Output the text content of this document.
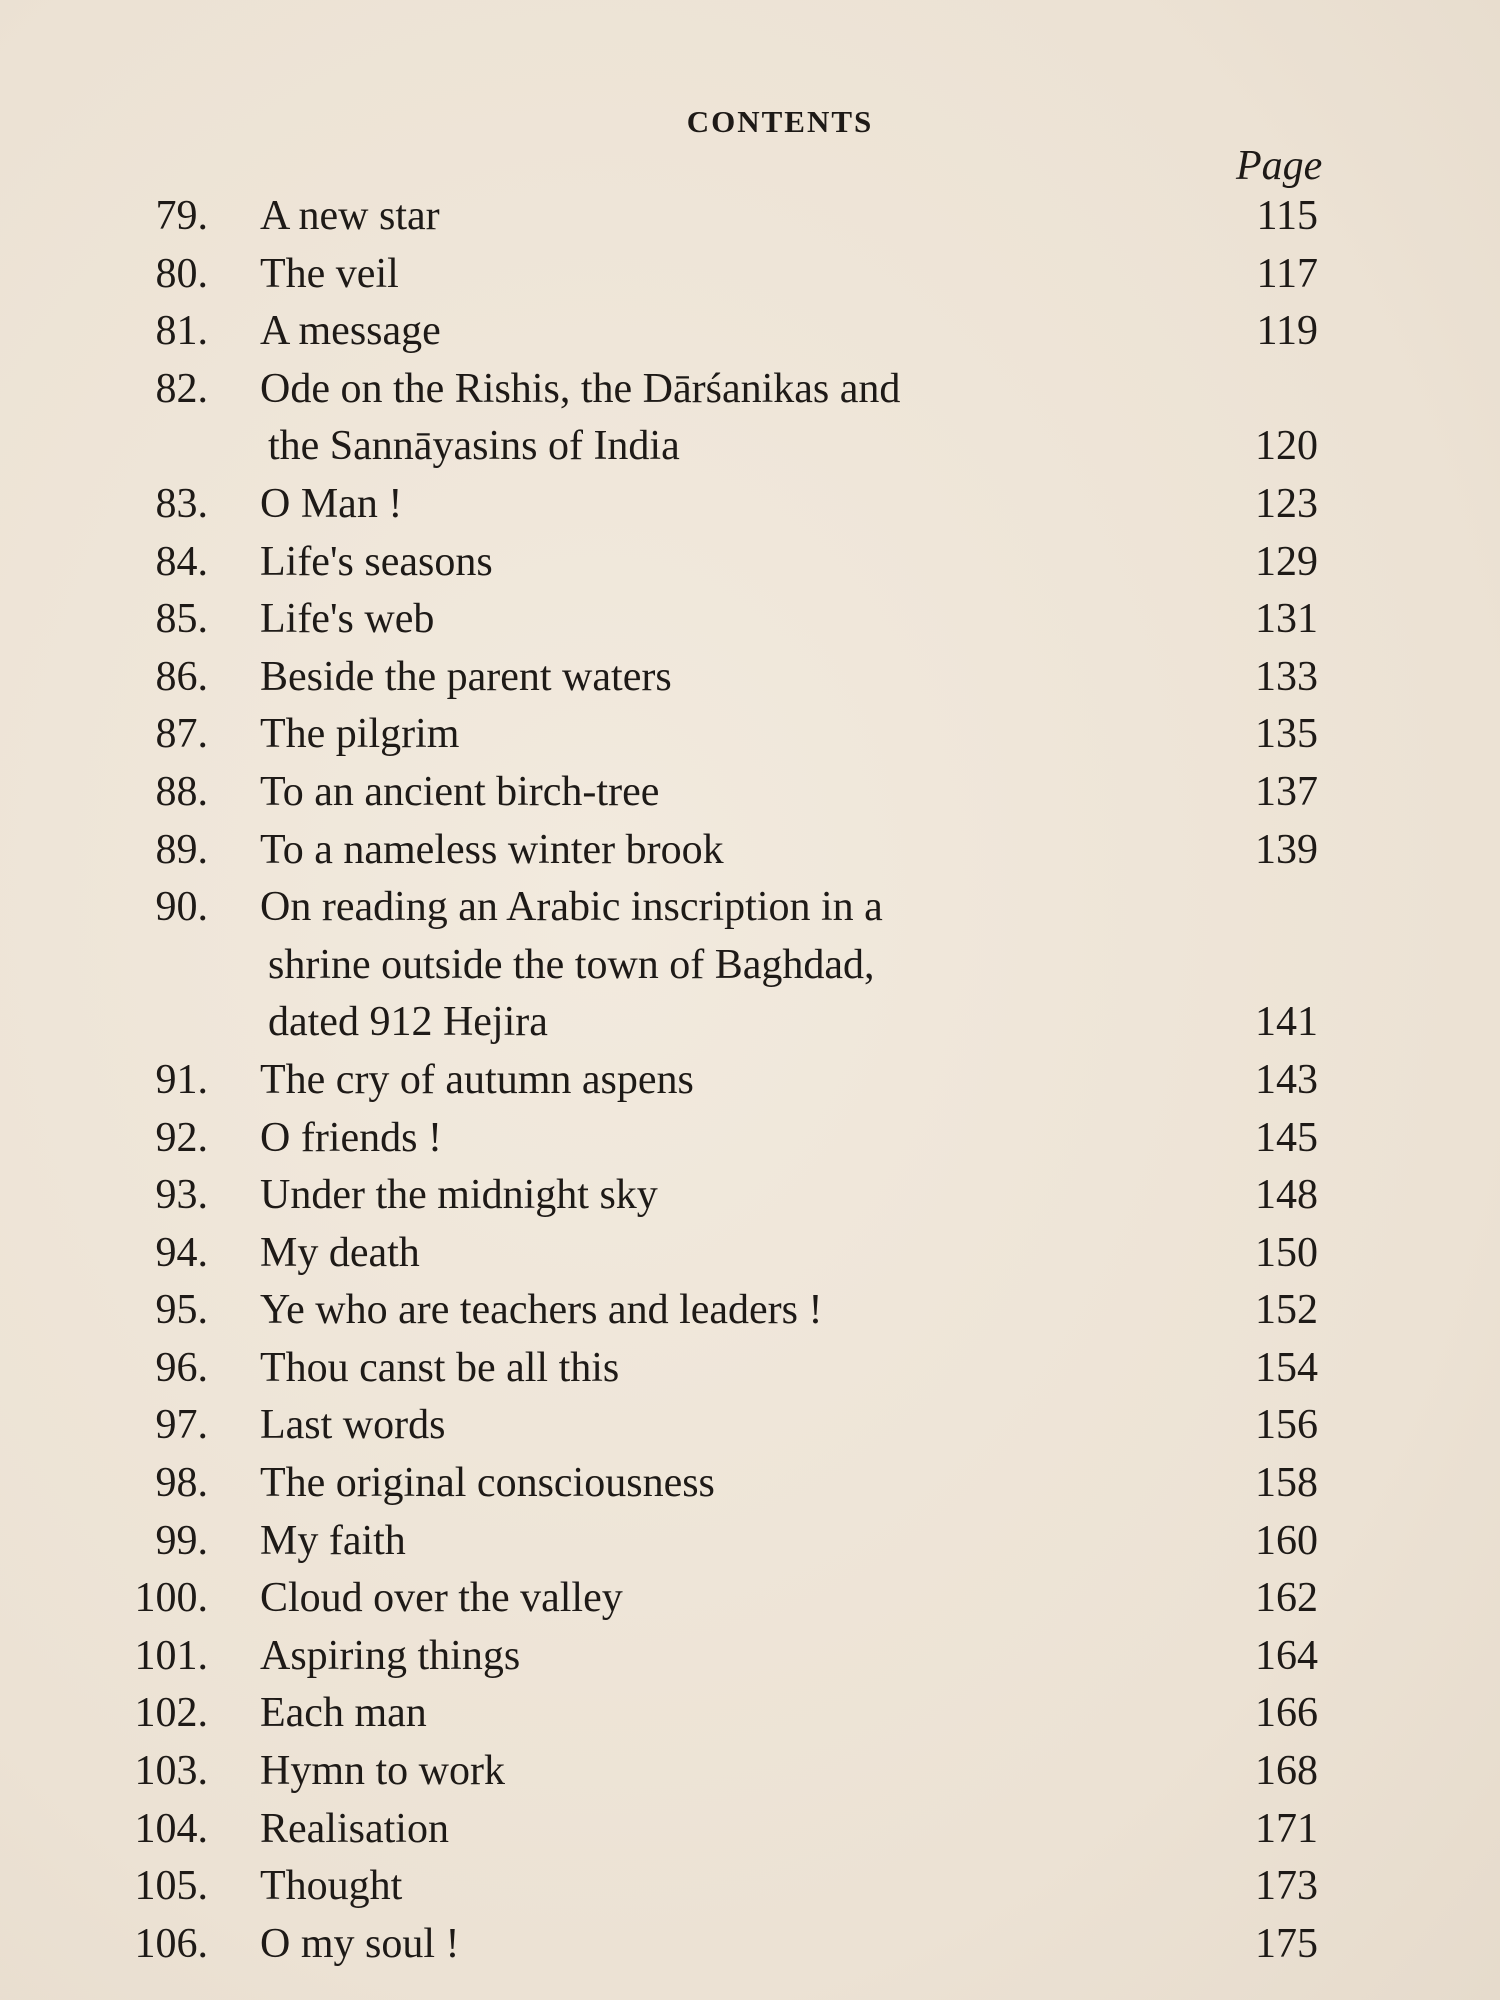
CONTENTS
Page
79. A new star	115
80. The veil	117
81. A message	119
82. Ode on the Rishis, the Dārśanikas and
the Sannāyasins of India	120
83. O Man !	123
84. Life's seasons	129
85. Life's web	131
86. Beside the parent waters	133
87. The pilgrim	135
88. To an ancient birch-tree	137
89. To a nameless winter brook	139
90. On reading an Arabic inscription in a
shrine outside the town of Baghdad,
dated 912 Hejira	141
91. The cry of autumn aspens	143
92. O friends !	145
93. Under the midnight sky	148
94. My death	150
95. Ye who are teachers and leaders !	152
96. Thou canst be all this	154
97. Last words	156
98. The original consciousness	158
99. My faith	160
100. Cloud over the valley	162
101. Aspiring things	164
102. Each man	166
103. Hymn to work	168
104. Realisation	171
105. Thought	173
106. O my soul !	175
